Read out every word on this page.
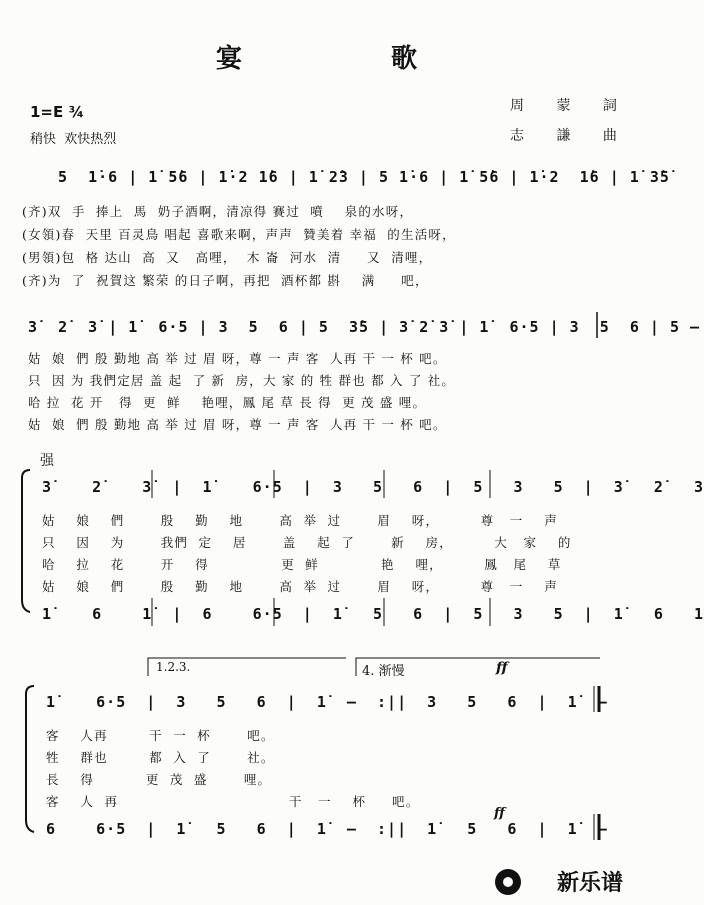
宴 歌
1=E ¾
稍快  欢快热烈
周 蒙 詞
志 謙 曲
5  1̇·6 | 1̇ 5̇6 | 1̇·2 1̇6 | 1̇ 2̇3 | 5 1̇·6 | 1̇ 5̇6 | 1̇·2  1̇6 | 1̇ 3̇5̇
(齐)双  手  捧上  馬  奶子酒啊，清凉得 賽过  噴    泉的水呀，
(女領)春  天里 百灵鳥 唱起 喜歌来啊，声声  贊美着 幸福  的生活呀，
(男領)包  格 达山  高  又   高哩，  木 崙  河水  清     又  清哩，
(齐)为  了  祝賀这 繁荣 的日子啊，再把  酒杯都 斟    满     吧，
3̇  2̇  3̇ | 1̇  6·5 | 3  5  6 | 5  3̇5 | 3̇ 2̇ 3̇ | 1̇  6·5 | 3  5  6 | 5 —
姑  娘  們 殷 勤地 高 举 过 眉 呀，尊 一 声 客  人再 干 一 杯 吧。
只  因 为 我們定居 盖 起  了 新  房，大 家 的 牲 群也 都 入 了 社。
哈 拉  花 开   得  更  鲜    艳哩，鳳 尾 草 長 得  更 茂 盛 哩。
姑  娘  們 殷 勤地 高 举 过 眉 呀，尊 一 声 客  人再 干 一 杯 吧。
强
3̇    2̇    3̇  |  1̇    6·5  |  3   5   6  |  5   3   5  |  3̇   2̇   3̇
姑    娘    們       殷    勤    地       高  举  过       眉    呀，        尊   一    声
只    因    为       我們  定    居       盖    起  了       新    房，        大   家    的
哈    拉    花       开    得              更  鲜            艳    哩，        鳳   尾    草
姑    娘    們       殷    勤    地       高  举  过       眉    呀，        尊   一    声
1̇    6    1̇  |  6    6·5  |  1̇   5   6  |  5   3   5  |  1̇   6   1̇
1.2.3.	4. 渐慢	ff
1̇    6·5  |  3   5   6  |  1̇  —  :||  3   5   6  |  1̇  —
客    人再        干  一  杯       吧。
牲    群也        都  入  了       社。
長    得          更  茂  盛       哩。
客    人  再                                 干   一    杯     吧。
ff
6    6·5  |  1̇   5   6  |  1̇  —  :||  1̇   5   6  |  1̇  —
新乐谱
